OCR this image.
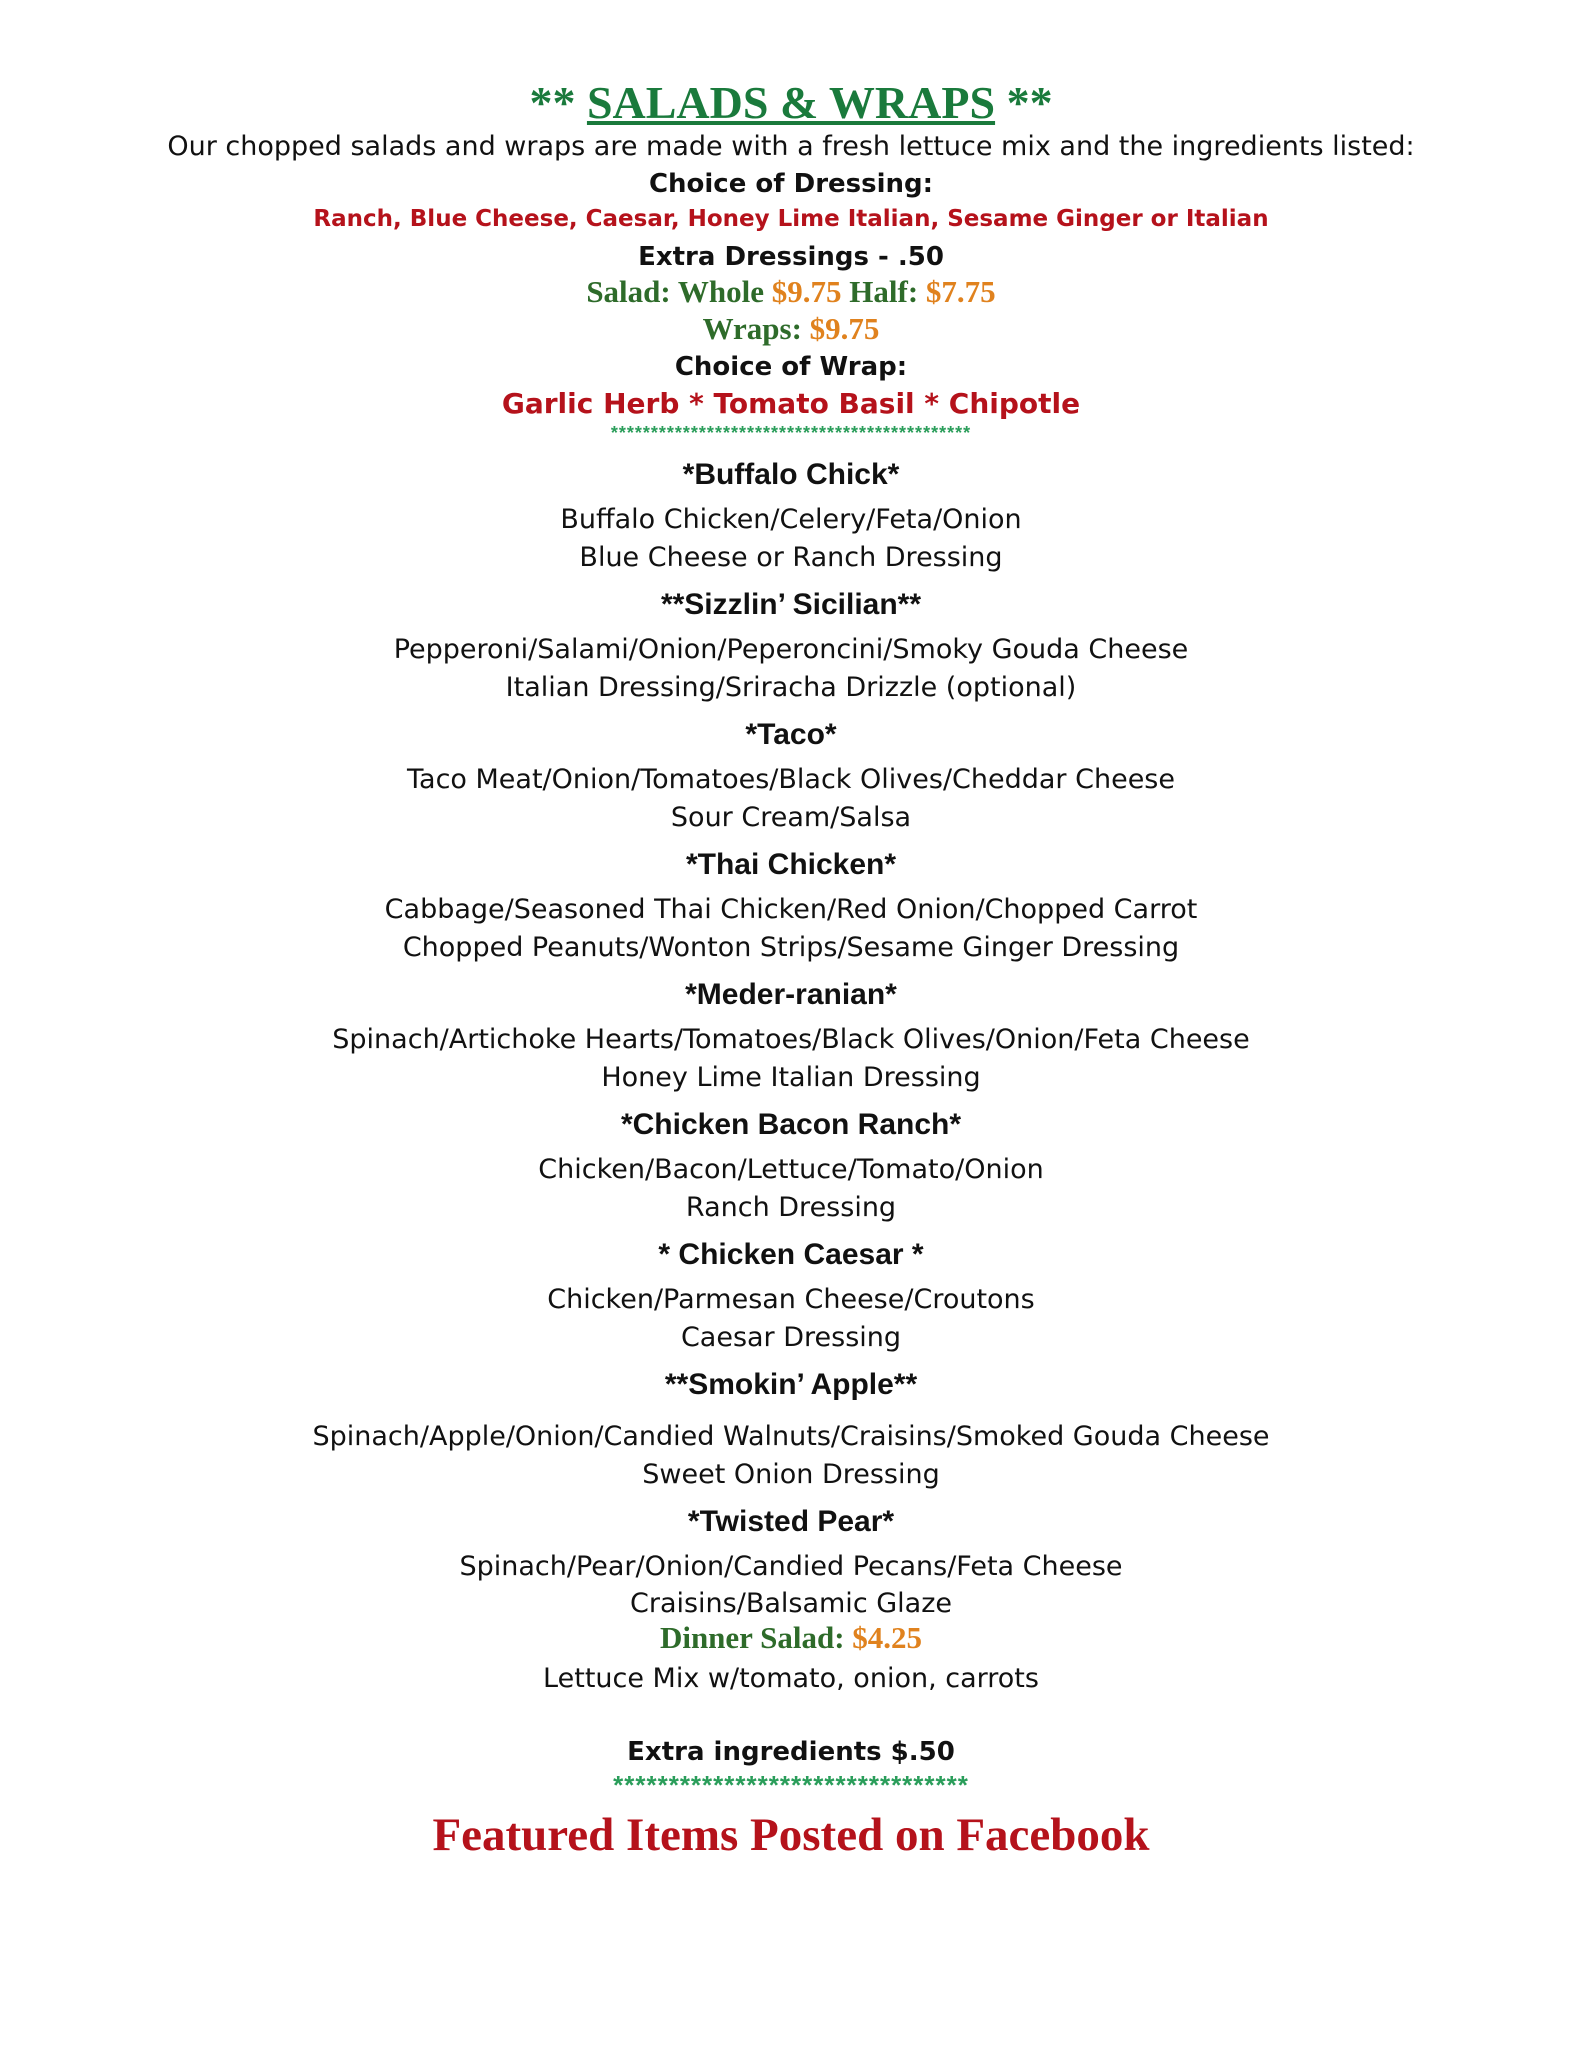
** SALADS & WRAPS **
Our chopped salads and wraps are made with a fresh lettuce mix and the ingredients listed:
Choice of Dressing:
Ranch, Blue Cheese, Caesar, Honey Lime Italian, Sesame Ginger or Italian
Extra Dressings - .50
Salad: Whole $9.75 Half: $7.75
Wraps: $9.75
Choice of Wrap:
Garlic Herb * Tomato Basil * Chipotle
*********************************************
*Buffalo Chick*
Buffalo Chicken/Celery/Feta/Onion
Blue Cheese or Ranch Dressing
**Sizzlin’ Sicilian**
Pepperoni/Salami/Onion/Peperoncini/Smoky Gouda Cheese
Italian Dressing/Sriracha Drizzle (optional)
*Taco*
Taco Meat/Onion/Tomatoes/Black Olives/Cheddar Cheese
Sour Cream/Salsa
*Thai Chicken*
Cabbage/Seasoned Thai Chicken/Red Onion/Chopped Carrot
Chopped Peanuts/Wonton Strips/Sesame Ginger Dressing
*Meder-ranian*
Spinach/Artichoke Hearts/Tomatoes/Black Olives/Onion/Feta Cheese
Honey Lime Italian Dressing
*Chicken Bacon Ranch*
Chicken/Bacon/Lettuce/Tomato/Onion
Ranch Dressing
* Chicken Caesar *
Chicken/Parmesan Cheese/Croutons
Caesar Dressing
**Smokin’ Apple**
Spinach/Apple/Onion/Candied Walnuts/Craisins/Smoked Gouda Cheese
Sweet Onion Dressing
*Twisted Pear*
Spinach/Pear/Onion/Candied Pecans/Feta Cheese
Craisins/Balsamic Glaze
Dinner Salad: $4.25
Lettuce Mix w/tomato, onion, carrots
Extra ingredients $.50
********************************
Featured Items Posted on Facebook
